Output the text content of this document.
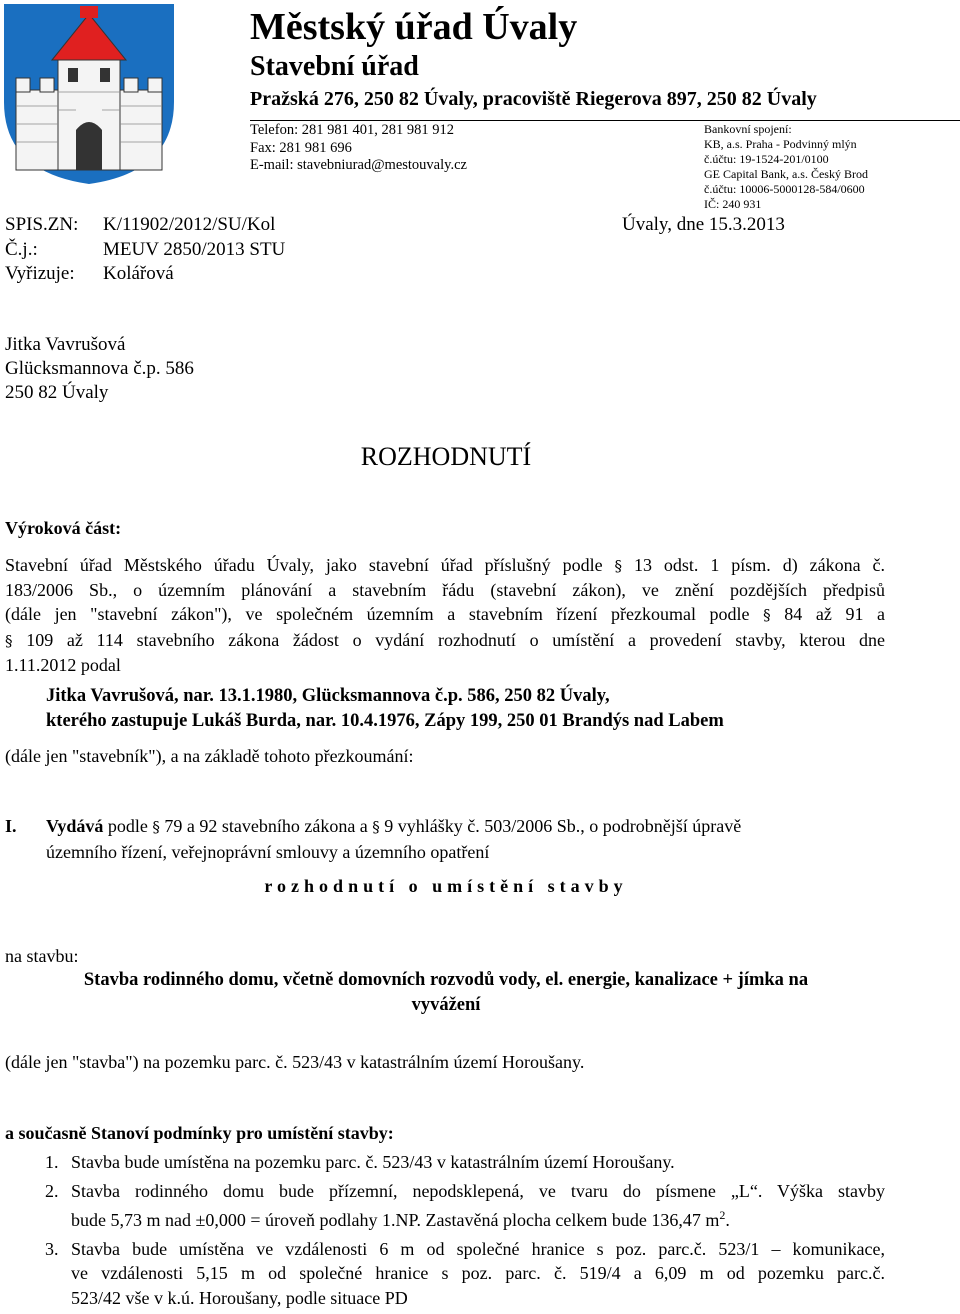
Městský úřad Úvaly
Stavební úřad
Pražská 276, 250 82 Úvaly, pracoviště Riegerova 897, 250 82 Úvaly
Telefon: 281 981 401, 281 981 912
Fax: 281 981 696
E-mail: stavebniurad@mestouvaly.cz
Bankovní spojení:
KB, a.s. Praha - Podvinný mlýn
č.účtu: 19-1524-201/0100
GE Capital Bank, a.s. Český Brod
č.účtu: 10006-5000128-584/0600
IČ: 240 931
SPIS.ZN: K/11902/2012/SU/Kol
Č.j.:	MEUV 2850/2013 STU
Vyřizuje: Kolářová
Úvaly, dne 15.3.2013
Jitka Vavrušová
Glücksmannova č.p. 586
250 82 Úvaly
ROZHODNUTÍ
Výroková část:
Stavební úřad Městského úřadu Úvaly, jako stavební úřad příslušný podle § 13 odst. 1 písm. d) zákona č.
183/2006 Sb., o územním plánování a stavebním řádu (stavební zákon), ve znění pozdějších předpisů
(dále jen "stavební zákon"), ve společném územním a stavebním řízení přezkoumal podle § 84 až 91 a
§ 109 až 114 stavebního zákona žádost o vydání rozhodnutí o umístění a provedení stavby, kterou dne
1.11.2012 podal
Jitka Vavrušová, nar. 13.1.1980, Glücksmannova č.p. 586, 250 82 Úvaly,
kterého zastupuje Lukáš Burda, nar. 10.4.1976, Zápy 199, 250 01 Brandýs nad Labem
(dále jen "stavebník"), a na základě tohoto přezkoumání:
I. Vydává podle § 79 a 92 stavebního zákona a § 9 vyhlášky č. 503/2006 Sb., o podrobnější úpravě
územního řízení, veřejnoprávní smlouvy a územního opatření
rozhodnutí o umístění stavby
na stavbu:
Stavba rodinného domu, včetně domovních rozvodů vody, el. energie, kanalizace + jímka na
vyvážení
(dále jen "stavba") na pozemku parc. č. 523/43 v katastrálním území Horoušany.
a současně Stanoví podmínky pro umístění stavby:
1. Stavba bude umístěna na pozemku parc. č. 523/43 v katastrálním území Horoušany.
2. Stavba rodinného domu bude přízemní, nepodsklepená, ve tvaru do písmene „L“. Výška stavby
bude 5,73 m nad ±0,000 = úroveň podlahy 1.NP. Zastavěná plocha celkem bude 136,47 $m^2$.
3. Stavba bude umístěna ve vzdálenosti 6 m od společné hranice s poz. parc.č. 523/1 – komunikace,
ve vzdálenosti 5,15 m od společné hranice s poz. parc. č. 519/4 a 6,09 m od pozemku parc.č.
523/42 vše v k.ú. Horoušany, podle situace PD
